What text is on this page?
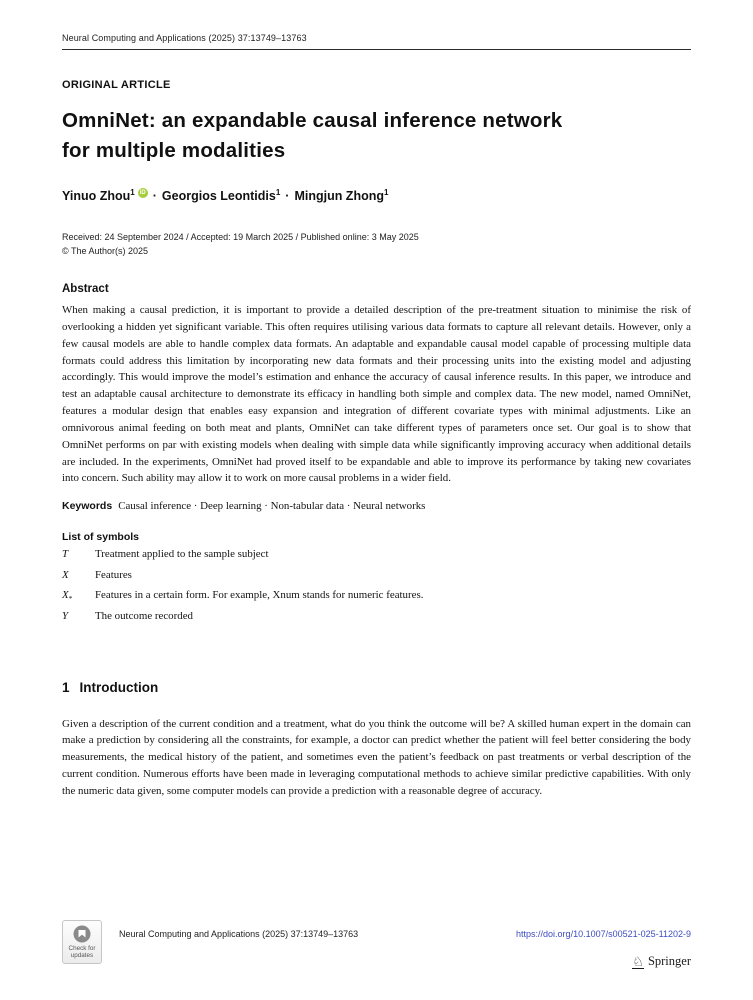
Neural Computing and Applications (2025) 37:13749–13763
ORIGINAL ARTICLE
OmniNet: an expandable causal inference network
for multiple modalities
Yinuo Zhou$^1$ iD · Georgios Leontidis$^1$ · Mingjun Zhong$^1$
Received: 24 September 2024 / Accepted: 19 March 2025 / Published online: 3 May 2025
© The Author(s) 2025
Abstract
When making a causal prediction, it is important to provide a detailed description of the pre-treatment situation to minimise the risk of overlooking a hidden yet significant variable. This often requires utilising various data formats to capture all relevant details. However, only a few causal models are able to handle complex data formats. An adaptable and expandable causal model capable of processing multiple data formats could address this limitation by incorporating new data formats and their processing units into the existing model and adjusting accordingly. This would improve the model’s estimation and enhance the accuracy of causal inference results. In this paper, we introduce and test an adaptable causal architecture to demonstrate its efficacy in handling both simple and complex data. The new model, named OmniNet, features a modular design that enables easy expansion and integration of different covariate types with minimal adjustments. Like an omnivorous animal feeding on both meat and plants, OmniNet can take different types of parameters once set. Our goal is to show that OmniNet performs on par with existing models when dealing with simple data while significantly improving accuracy when additional details are included. In the experiments, OmniNet had proved itself to be expandable and able to improve its performance by taking new covariates into concern. Such ability may allow it to work on more causal problems in a wider field.
Keywords Causal inference · Deep learning · Non-tabular data · Neural networks
List of symbols
T	Treatment applied to the sample subject
X	Features
$X_*$	Features in a certain form. For example, Xnum stands for numeric features.
Y	The outcome recorded
1 Introduction
Given a description of the current condition and a treatment, what do you think the outcome will be? A skilled human expert in the domain can make a prediction by considering all the constraints, for example, a doctor can predict whether the patient will feel better considering the body measurements, the medical history of the patient, and sometimes even the patient’s feedback on past treatments or verbal description of the current condition. Numerous efforts have been made in leveraging computational methods to achieve similar predictive capabilities. With only the numeric data given, some computer models can provide a prediction with a reasonable degree of accuracy.
Check for
updates
Neural Computing and Applications (2025) 37:13749–13763	https://doi.org/10.1007/s00521-025-11202-9
♘ Springer
